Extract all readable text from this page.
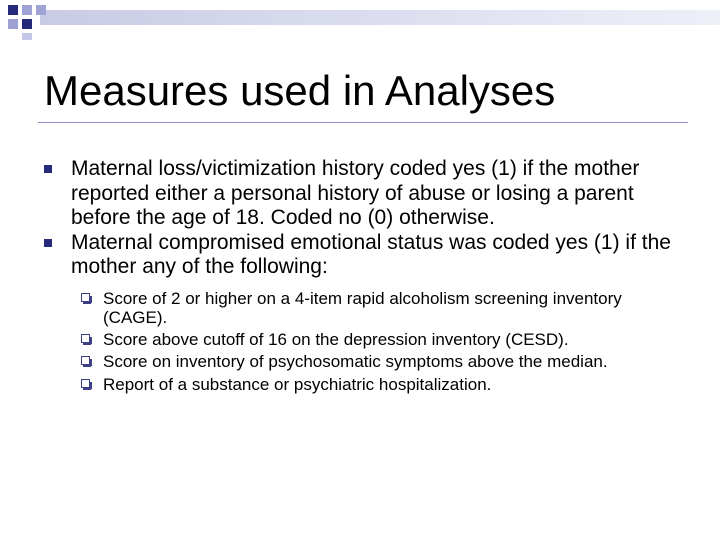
Measures used in Analyses
Maternal loss/victimization history coded yes (1) if the mother reported either a personal history of abuse or losing a parent before the age of 18. Coded no (0) otherwise.
Maternal compromised emotional status was coded yes (1) if the mother any of the following:
Score of 2 or higher on a 4-item rapid alcoholism screening inventory (CAGE).
Score above cutoff of 16 on the depression inventory (CESD).
Score on inventory of psychosomatic symptoms above the median.
Report of a substance or psychiatric hospitalization.
